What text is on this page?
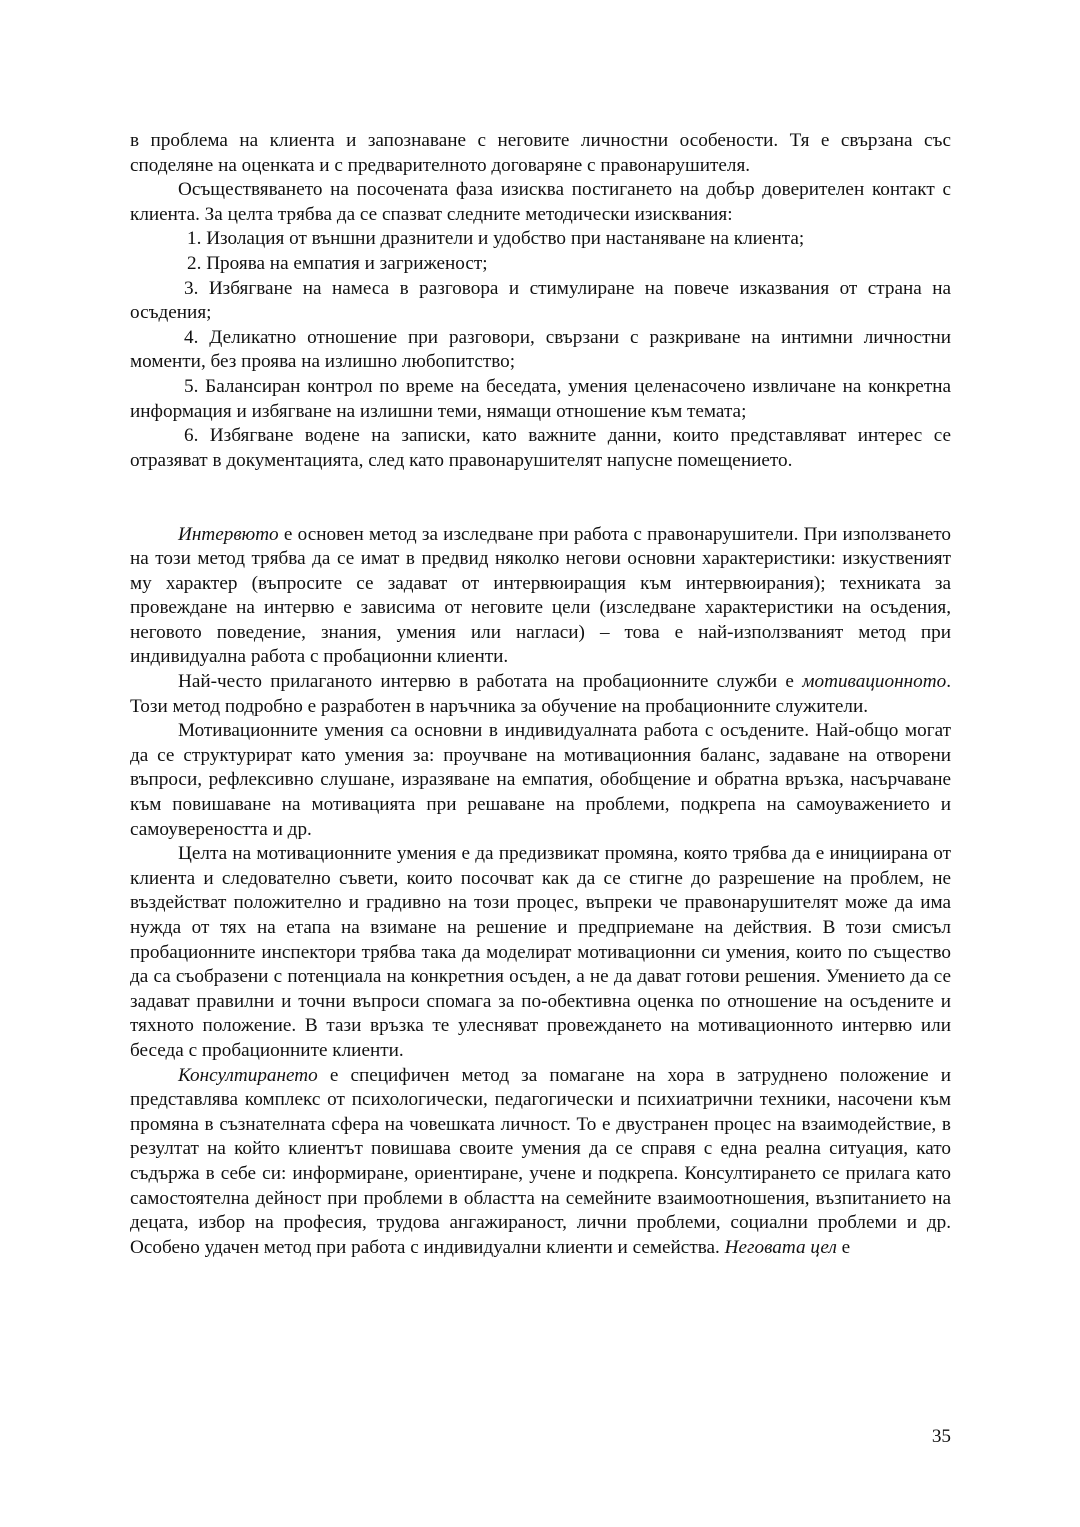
в проблема на клиента и запознаване с неговите личностни особености. Тя е свързана със споделяне на оценката и с предварителното договаряне с правонарушителя.

Осъществяването на посочената фаза изисква постигането на добър доверителен контакт с клиента. За целта трябва да се спазват следните методически изисквания:

1. Изолация от външни дразнители и удобство при настаняване на клиента;

2. Проява на емпатия и загриженост;

3. Избягване на намеса в разговора и стимулиране на повече изказвания от страна на осъдения;

4. Деликатно отношение при разговори, свързани с разкриване на интимни личностни моменти, без проява на излишно любопитство;

5. Балансиран контрол по време на беседата, умения целенасочено извличане на конкретна информация и избягване на излишни теми, нямащи отношение към темата;

6. Избягване водене на записки, като важните данни, които представляват интерес се отразяват в документацията, след като правонарушителят напусне помещението.

Интервюто е основен метод за изследване при работа с правонарушители. При използването на този метод трябва да се имат в предвид няколко негови основни характеристики: изкуственият му характер (въпросите се задават от интервюиращия към интервюирания); техниката за провеждане на интервю е зависима от неговите цели (изследване характеристики на осъдения, неговото поведение, знания, умения или нагласи) – това е най-използваният метод при индивидуална работа с пробационни клиенти.

Най-често прилаганото интервю в работата на пробационните служби е мотивационното. Този метод подробно е разработен в наръчника за обучение на пробационните служители.

Мотивационните умения са основни в индивидуалната работа с осъдените. Най-общо могат да се структурират като умения за: проучване на мотивационния баланс, задаване на отворени въпроси, рефлексивно слушане, изразяване на емпатия, обобщение и обратна връзка, насърчаване към повишаване на мотивацията при решаване на проблеми, подкрепа на самоуважението и самоувереността и др.

Целта на мотивационните умения е да предизвикат промяна, която трябва да е инициирана от клиента и следователно съвети, които посочват как да се стигне до разрешение на проблем, не въздействат положително и градивно на този процес, въпреки че правонарушителят може да има нужда от тях на етапа на взимане на решение и предприемане на действия. В този смисъл пробационните инспектори трябва така да моделират мотивационни си умения, които по същество да са съобразени с потенциала на конкретния осъден, а не да дават готови решения. Умението да се задават правилни и точни въпроси спомага за по-обективна оценка по отношение на осъдените и тяхното положение. В тази връзка те улесняват провеждането на мотивационното интервю или беседа с пробационните клиенти.

Консултирането е специфичен метод за помагане на хора в затруднено положение и представлява комплекс от психологически, педагогически и психиатрични техники, насочени към промяна в съзнателната сфера на човешката личност. То е двустранен процес на взаимодействие, в резултат на който клиентът повишава своите умения да се справя с една реална ситуация, като съдържа в себе си: информиране, ориентиране, учене и подкрепа. Консултирането се прилага като самостоятелна дейност при проблеми в областта на семейните взаимоотношения, възпитанието на децата, избор на професия, трудова ангажираност, лични проблеми, социални проблеми и др. Особено удачен метод при работа с индивидуални клиенти и семейства. Неговата цел е

35
